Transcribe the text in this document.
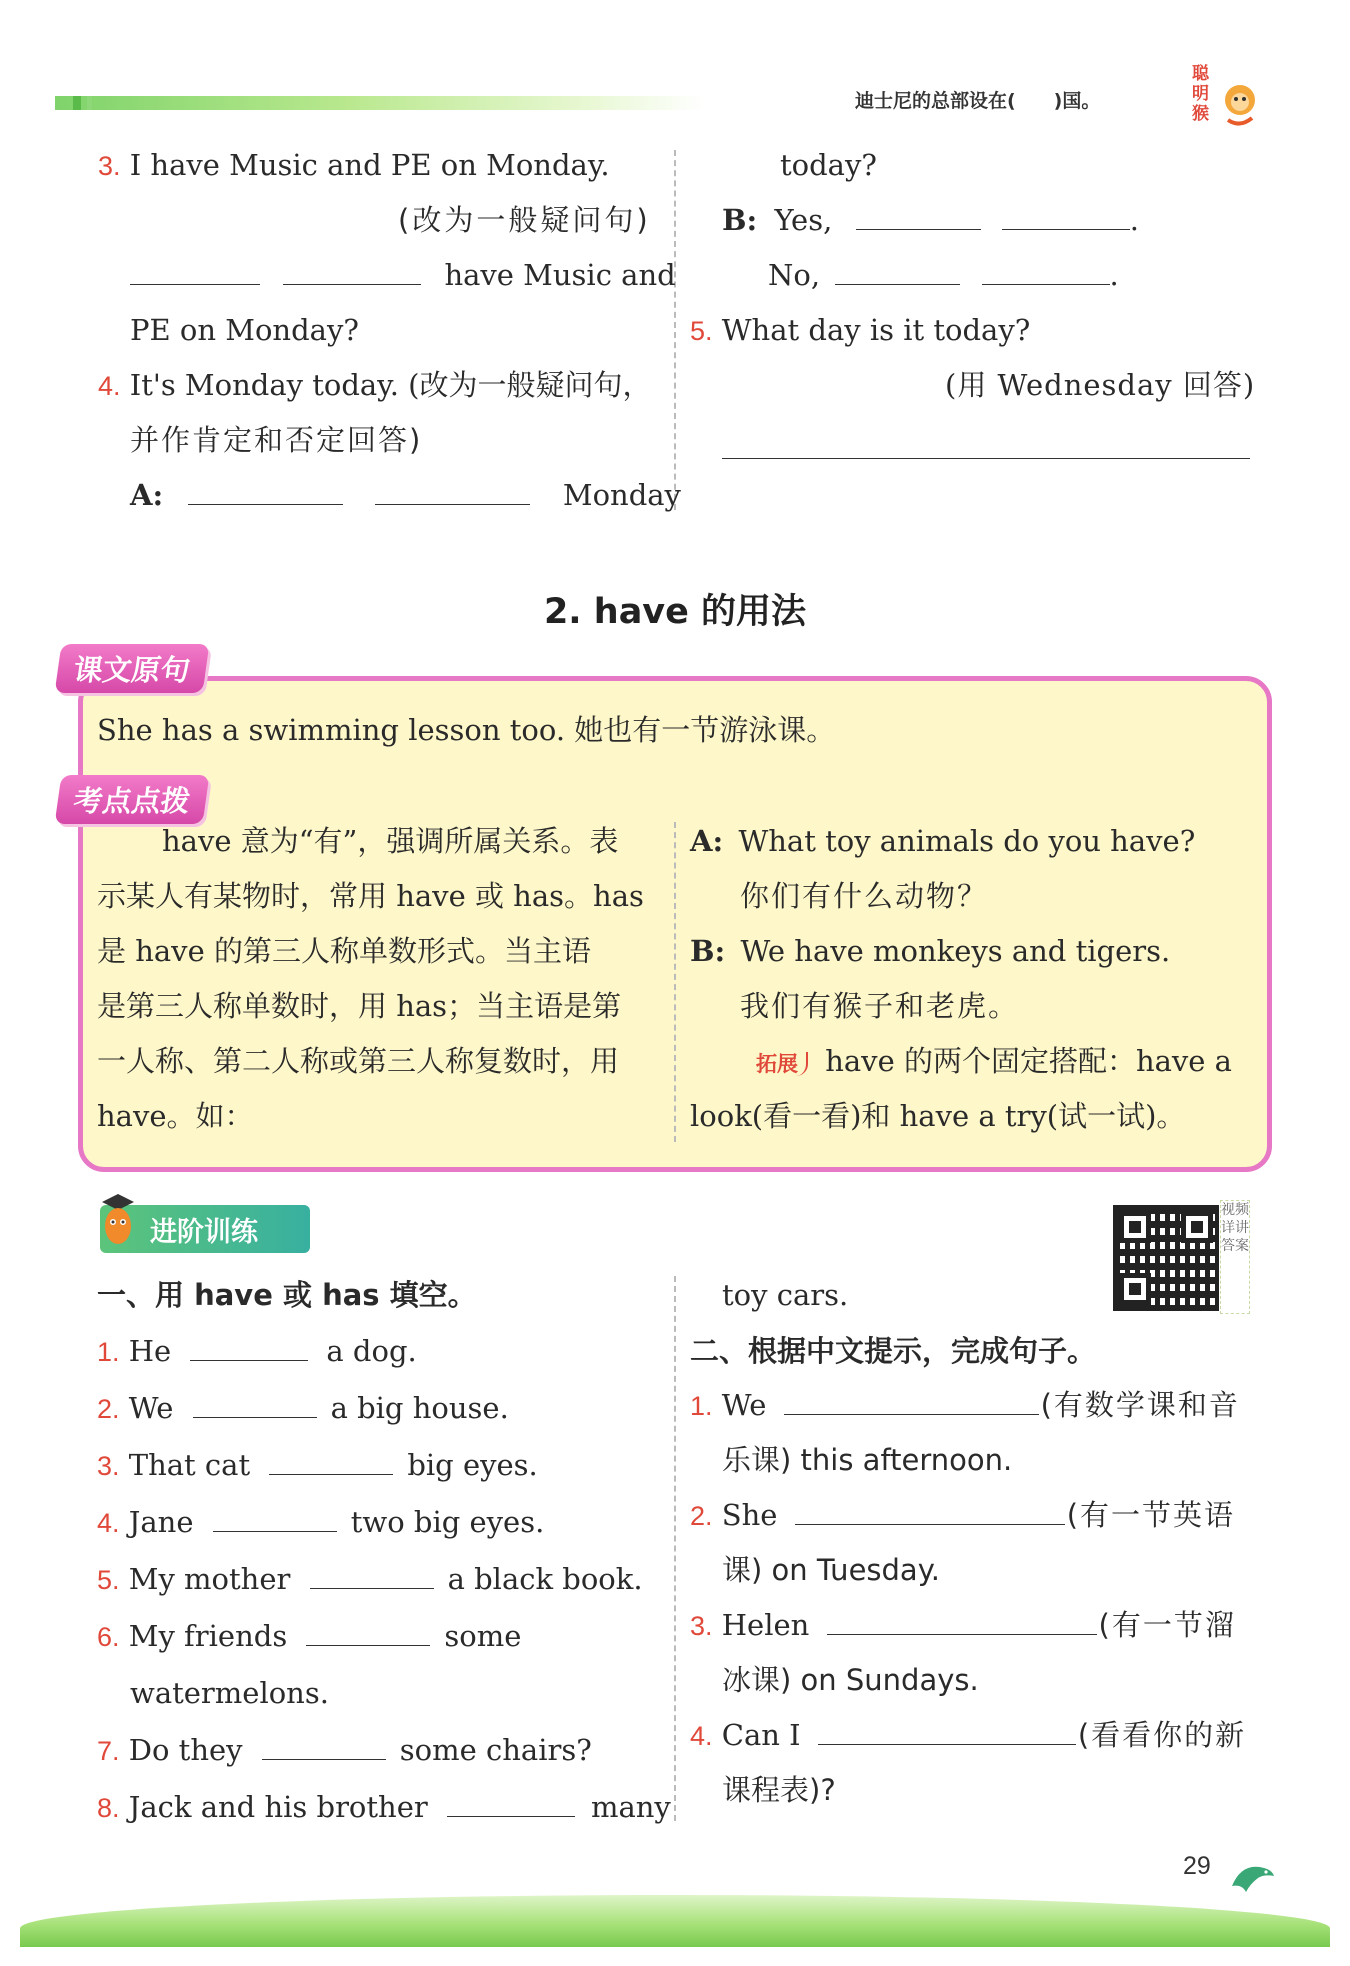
迪士尼的总部设在(　　)国。
聪明猴
3. I have Music and PE on Monday.
(改为一般疑问句)
have Music and
PE on Monday?
4. It's Monday today. (改为一般疑问句，
并作肯定和否定回答)
A:	Monday
today?
B: Yes,	.
No,	.
5. What day is it today?
(用 Wednesday 回答)
2. have 的用法
课文原句
She has a swimming lesson too. 她也有一节游泳课。
考点点拨
have 意为“有”，强调所属关系。表
示某人有某物时，常用 have 或 has。has
是 have 的第三人称单数形式。当主语
是第三人称单数时，用 has；当主语是第
一人称、第二人称或第三人称复数时，用
have。如：
A: What toy animals do you have?
你们有什么动物？
B: We have monkeys and tigers.
我们有猴子和老虎。
拓展 have 的两个固定搭配：have a
look(看一看)和 have a try(试一试)。
进阶训练
视频详讲答案
一、用 have 或 has 填空。
1. He	a dog.
2. We	a big house.
3. That cat	big eyes.
4. Jane	two big eyes.
5. My mother	a black book.
6. My friends	some
watermelons.
7. Do they	some chairs?
8. Jack and his brother	many
toy cars.
二、根据中文提示，完成句子。
1. We	(有数学课和音
乐课) this afternoon.
2. She	(有一节英语
课) on Tuesday.
3. Helen	(有一节溜
冰课) on Sundays.
4. Can I	(看看你的新
课程表)?
29
